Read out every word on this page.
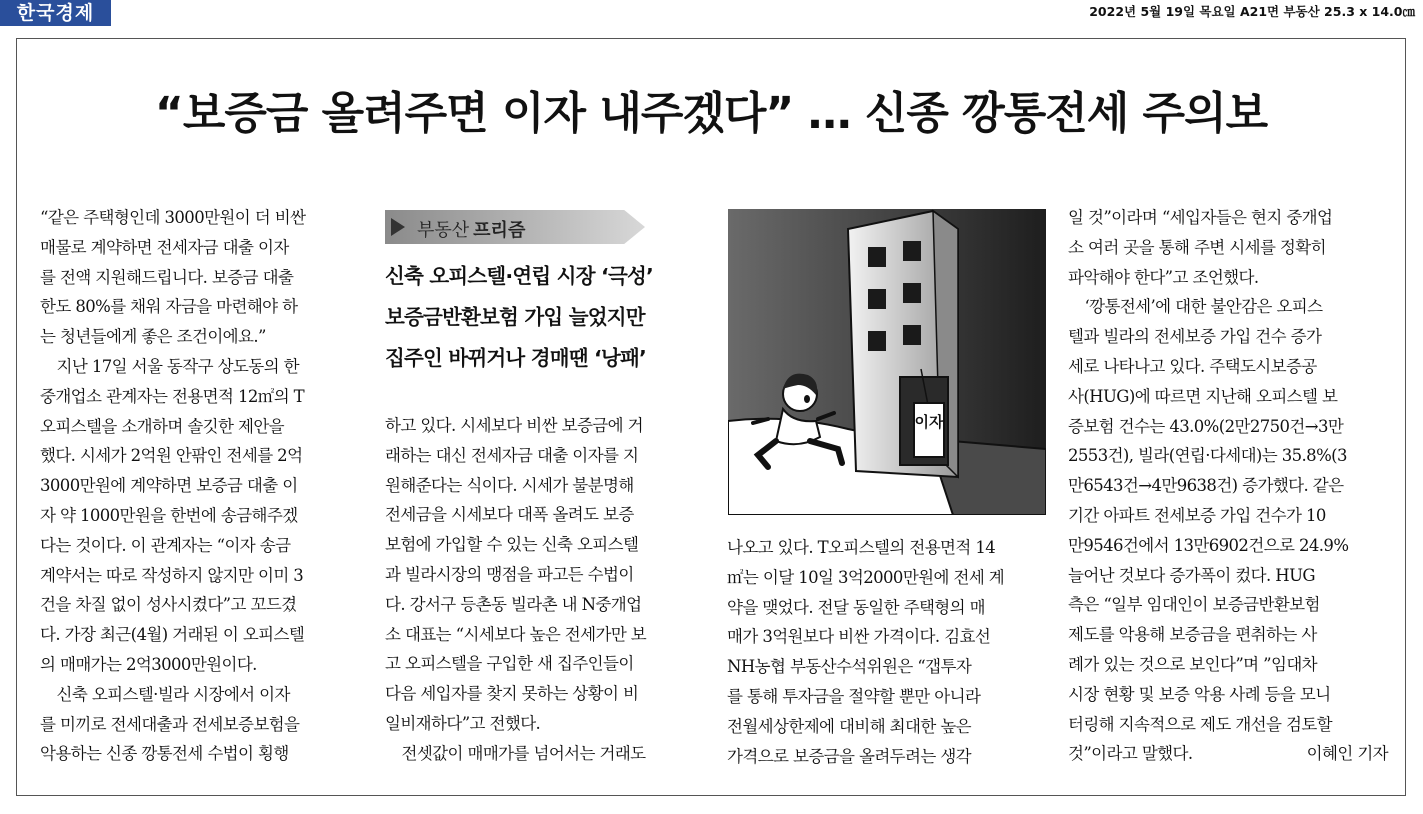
한국경제	2022년 5월 19일 목요일 A21면 부동산 25.3 x 14.0㎝
“보증금 올려주면 이자 내주겠다” … 신종 깡통전세 주의보

“같은 주택형인데 3000만원이 더 비싼
매물로 계약하면 전세자금 대출 이자
를 전액 지원해드립니다. 보증금 대출
한도 80%를 채워 자금을 마련해야 하
는 청년들에게 좋은 조건이에요.”

지난 17일 서울 동작구 상도동의 한
중개업소 관계자는 전용면적 12㎡의 T
오피스텔을 소개하며 솔깃한 제안을
했다. 시세가 2억원 안팎인 전세를 2억
3000만원에 계약하면 보증금 대출 이
자 약 1000만원을 한번에 송금해주겠
다는 것이다. 이 관계자는 “이자 송금
계약서는 따로 작성하지 않지만 이미 3
건을 차질 없이 성사시켰다”고 꼬드겼
다. 가장 최근(4월) 거래된 이 오피스텔
의 매매가는 2억3000만원이다.

신축 오피스텔·빌라 시장에서 이자
를 미끼로 전세대출과 전세보증보험을
악용하는 신종 깡통전세 수법이 횡행

부동산 프리즘
신축 오피스텔·연립 시장 ‘극성’
보증금반환보험 가입 늘었지만
집주인 바뀌거나 경매땐 ‘낭패’

하고 있다. 시세보다 비싼 보증금에 거
래하는 대신 전세자금 대출 이자를 지
원해준다는 식이다. 시세가 불분명해
전세금을 시세보다 대폭 올려도 보증
보험에 가입할 수 있는 신축 오피스텔
과 빌라시장의 맹점을 파고든 수법이
다. 강서구 등촌동 빌라촌 내 N중개업
소 대표는 “시세보다 높은 전세가만 보
고 오피스텔을 구입한 새 집주인들이
다음 세입자를 찾지 못하는 상황이 비
일비재하다”고 전했다.

전셋값이 매매가를 넘어서는 거래도

이자

나오고 있다. T오피스텔의 전용면적 14
㎡는 이달 10일 3억2000만원에 전세 계
약을 맺었다. 전달 동일한 주택형의 매
매가 3억원보다 비싼 가격이다. 김효선
NH농협 부동산수석위원은 “갭투자
를 통해 투자금을 절약할 뿐만 아니라
전월세상한제에 대비해 최대한 높은
가격으로 보증금을 올려두려는 생각

일 것”이라며 “세입자들은 현지 중개업
소 여러 곳을 통해 주변 시세를 정확히
파악해야 한다”고 조언했다.

‘깡통전세’에 대한 불안감은 오피스
텔과 빌라의 전세보증 가입 건수 증가
세로 나타나고 있다. 주택도시보증공
사(HUG)에 따르면 지난해 오피스텔 보
증보험 건수는 43.0%(2만2750건→3만
2553건), 빌라(연립·다세대)는 35.8%(3
만6543건→4만9638건) 증가했다. 같은
기간 아파트 전세보증 가입 건수가 10
만9546건에서 13만6902건으로 24.9%
늘어난 것보다 증가폭이 컸다. HUG
측은 “일부 임대인이 보증금반환보험
제도를 악용해 보증금을 편취하는 사
례가 있는 것으로 보인다”며 ”임대차
시장 현황 및 보증 악용 사례 등을 모니
터링해 지속적으로 제도 개선을 검토할

것”이라고 말했다.	이혜인 기자
